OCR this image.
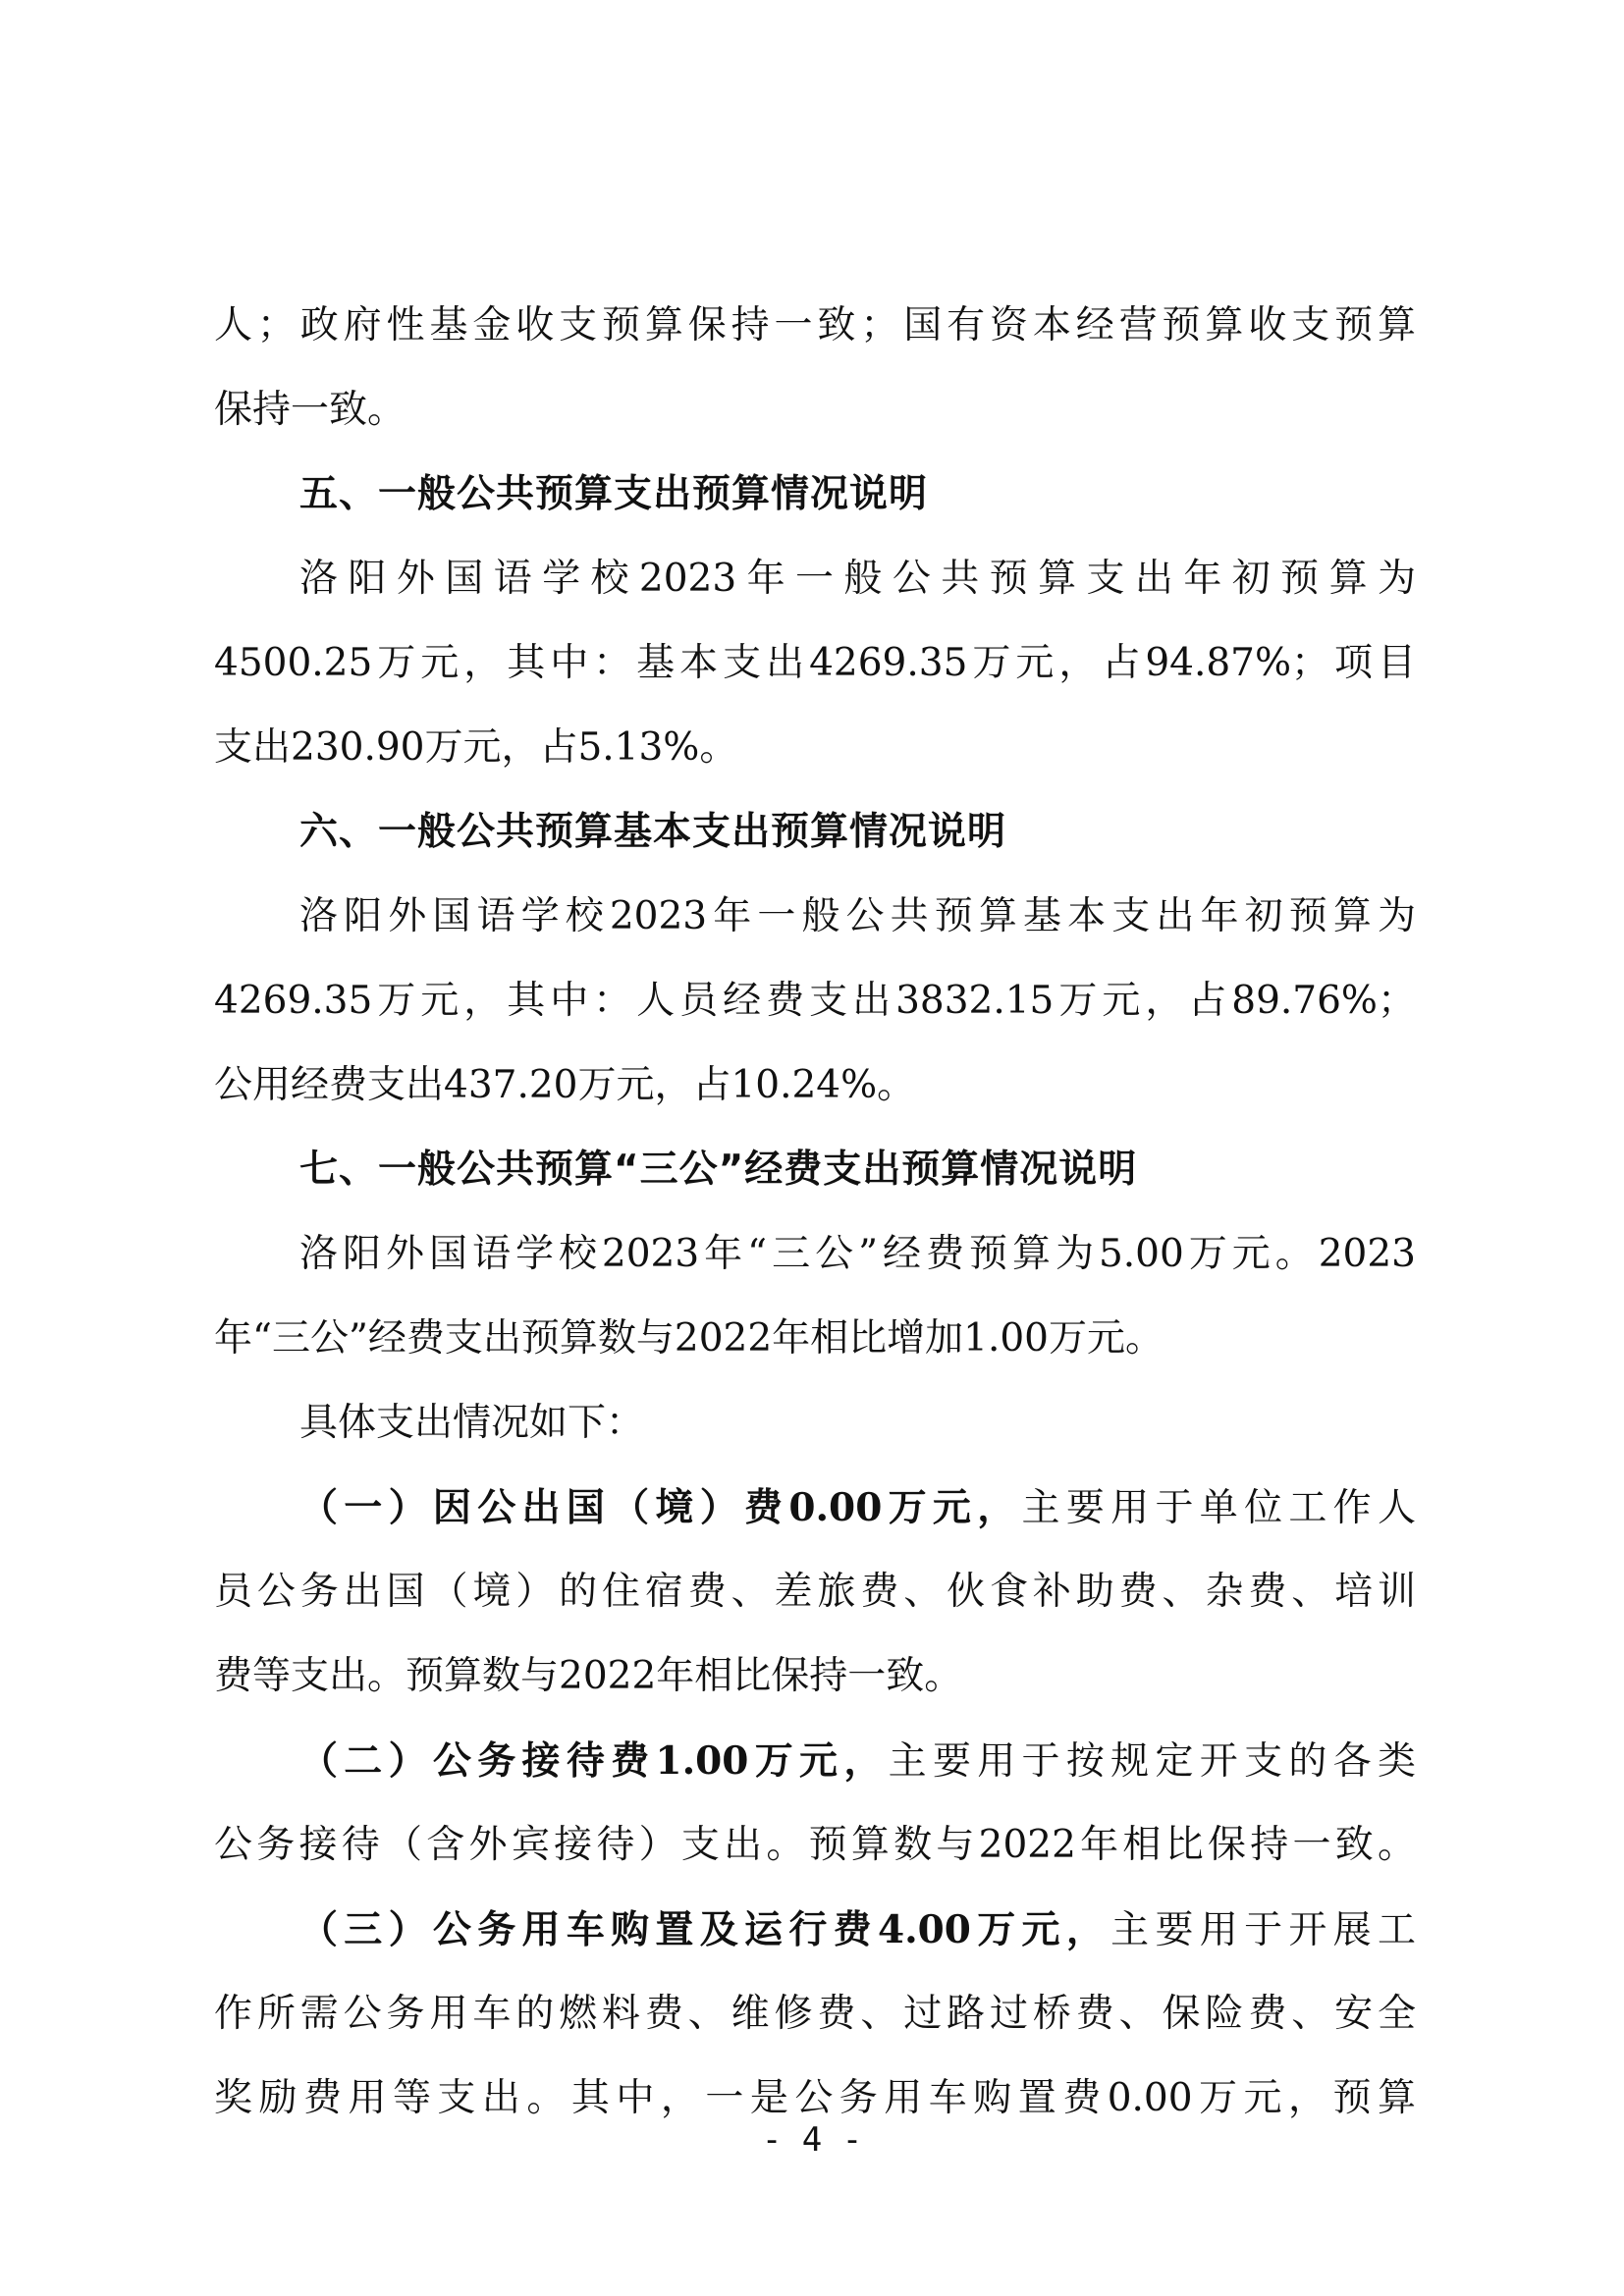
人；政府性基金收支预算保持一致；国有资本经营预算收支预算
保持一致。
五、一般公共预算支出预算情况说明
洛阳外国语学校2023年一般公共预算支出年初预算为
4500.25万元，其中：基本支出4269.35万元，占94.87%；项目
支出230.90万元，占5.13%。
六、一般公共预算基本支出预算情况说明
洛阳外国语学校2023年一般公共预算基本支出年初预算为
4269.35万元，其中：人员经费支出3832.15万元，占89.76%；
公用经费支出437.20万元，占10.24%。
七、一般公共预算“三公”经费支出预算情况说明
洛阳外国语学校2023年“三公”经费预算为5.00万元。2023
年“三公”经费支出预算数与2022年相比增加1.00万元。
具体支出情况如下：
（一）因公出国（境）费0.00万元，主要用于单位工作人
员公务出国（境）的住宿费、差旅费、伙食补助费、杂费、培训
费等支出。预算数与2022年相比保持一致。
（二）公务接待费1.00万元，主要用于按规定开支的各类
公务接待（含外宾接待）支出。预算数与2022年相比保持一致。
（三）公务用车购置及运行费4.00万元，主要用于开展工
作所需公务用车的燃料费、维修费、过路过桥费、保险费、安全
奖励费用等支出。其中，一是公务用车购置费0.00万元，预算
- 4 -
